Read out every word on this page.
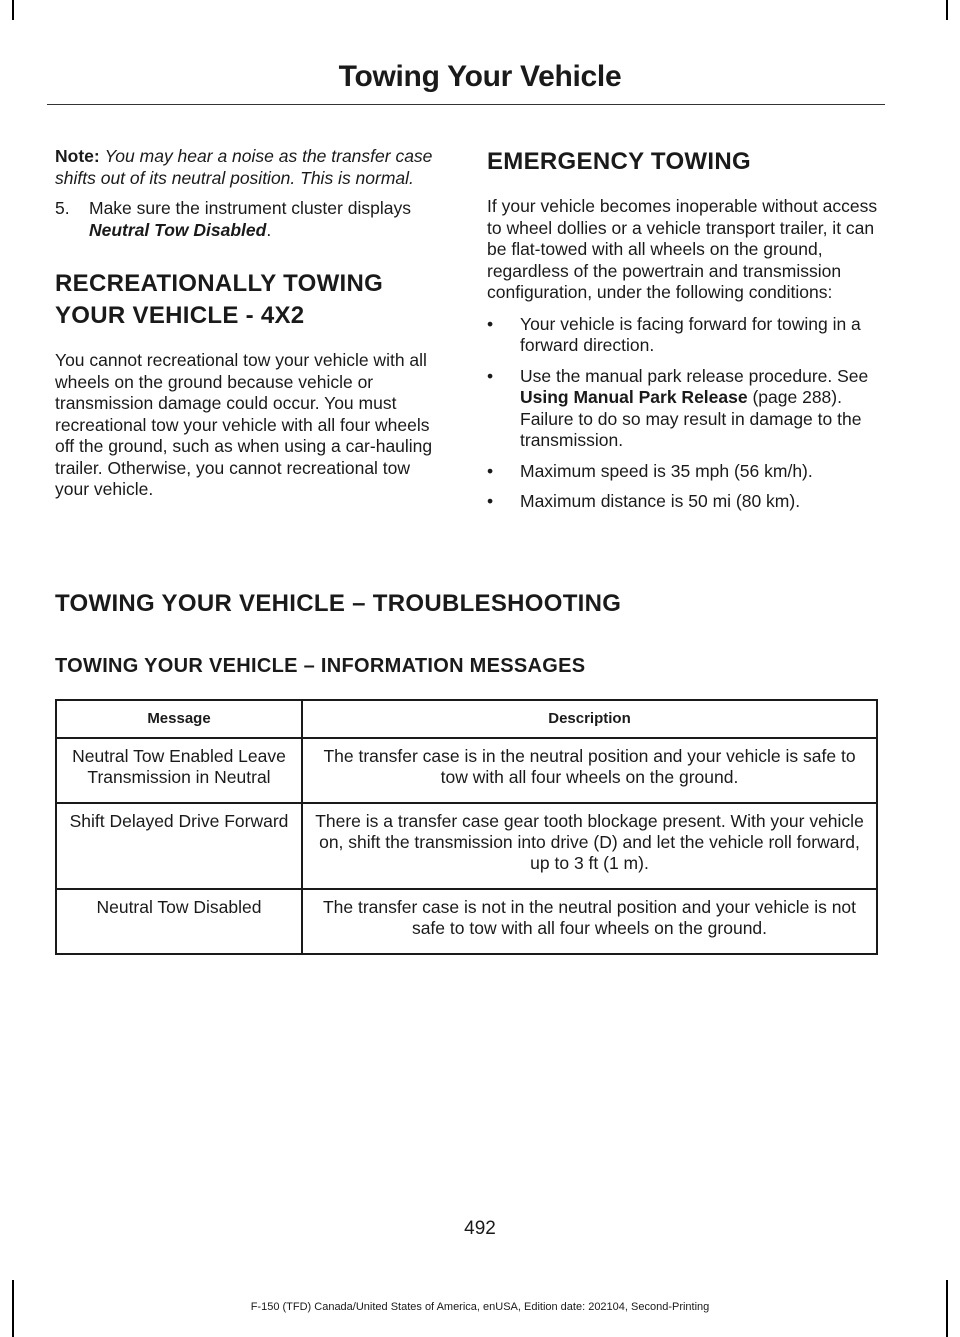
Towing Your Vehicle

Note: You may hear a noise as the transfer case shifts out of its neutral position. This is normal.

5.	Make sure the instrument cluster displays Neutral Tow Disabled.
RECREATIONALLY TOWING
YOUR VEHICLE - 4X2

You cannot recreational tow your vehicle with all wheels on the ground because vehicle or transmission damage could occur. You must recreational tow your vehicle with all four wheels off the ground, such as when using a car-hauling trailer. Otherwise, you cannot recreational tow your vehicle.

EMERGENCY TOWING

If your vehicle becomes inoperable without access to wheel dollies or a vehicle transport trailer, it can be flat-towed with all wheels on the ground, regardless of the powertrain and transmission configuration, under the following conditions:

•	Your vehicle is facing forward for towing in a forward direction.
•	Use the manual park release procedure. See Using Manual Park Release (page 288). Failure to do so may result in damage to the transmission.
•	Maximum speed is 35 mph (56 km/h).
•	Maximum distance is 50 mi (80 km).
TOWING YOUR VEHICLE – TROUBLESHOOTING
TOWING YOUR VEHICLE – INFORMATION MESSAGES
Message	Description
Neutral Tow Enabled Leave Transmission in Neutral	The transfer case is in the neutral position and your vehicle is safe to tow with all four wheels on the ground.
Shift Delayed Drive Forward	There is a transfer case gear tooth blockage present. With your vehicle on, shift the transmission into drive (D) and let the vehicle roll forward, up to 3 ft (1 m).
Neutral Tow Disabled	The transfer case is not in the neutral position and your vehicle is not safe to tow with all four wheels on the ground.
492
F-150 (TFD) Canada/United States of America, enUSA, Edition date: 202104, Second-Printing
